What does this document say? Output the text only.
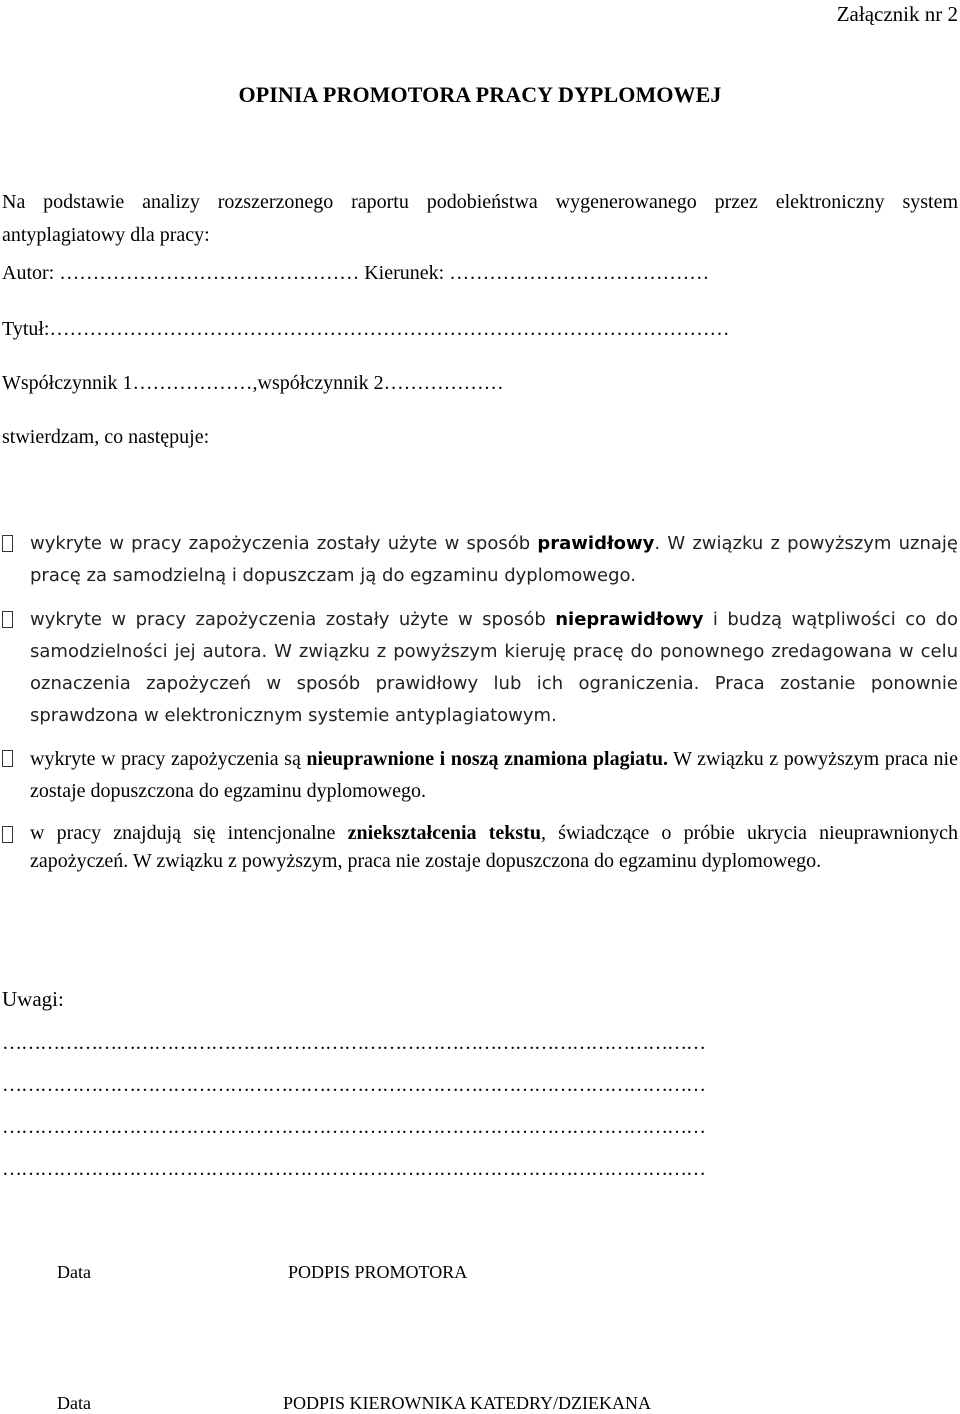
Załącznik nr 2
OPINIA PROMOTORA PRACY DYPLOMOWEJ
Na podstawie analizy rozszerzonego raportu podobieństwa wygenerowanego przez elektroniczny system antyplagiatowy dla pracy:
Autor: ……………………………………… Kierunek: …………………………………
Tytuł:…………………………………………………………………………………………
Współczynnik 1………………,współczynnik 2………………
stwierdzam, co następuje:
wykryte w pracy zapożyczenia zostały użyte w sposób prawidłowy. W związku z powyższym uznaję pracę za samodzielną i dopuszczam ją do egzaminu dyplomowego.
wykryte w pracy zapożyczenia zostały użyte w sposób nieprawidłowy i budzą wątpliwości co do samodzielności jej autora. W związku z powyższym kieruję pracę do ponownego zredagowana w celu oznaczenia zapożyczeń w sposób prawidłowy lub ich ograniczenia. Praca zostanie ponownie sprawdzona w elektronicznym systemie antyplagiatowym.
wykryte w pracy zapożyczenia są nieuprawnione i noszą znamiona plagiatu. W związku z powyższym praca nie zostaje dopuszczona do egzaminu dyplomowego.
w pracy znajdują się intencjonalne zniekształcenia tekstu, świadczące o próbie ukrycia nieuprawnionych zapożyczeń. W związku z powyższym, praca nie zostaje dopuszczona do egzaminu dyplomowego.
Uwagi:
…………………………………………………………………………………………………
…………………………………………………………………………………………………
…………………………………………………………………………………………………
…………………………………………………………………………………………………
Data	PODPIS PROMOTORA
Data	PODPIS KIEROWNIKA KATEDRY/DZIEKANA
